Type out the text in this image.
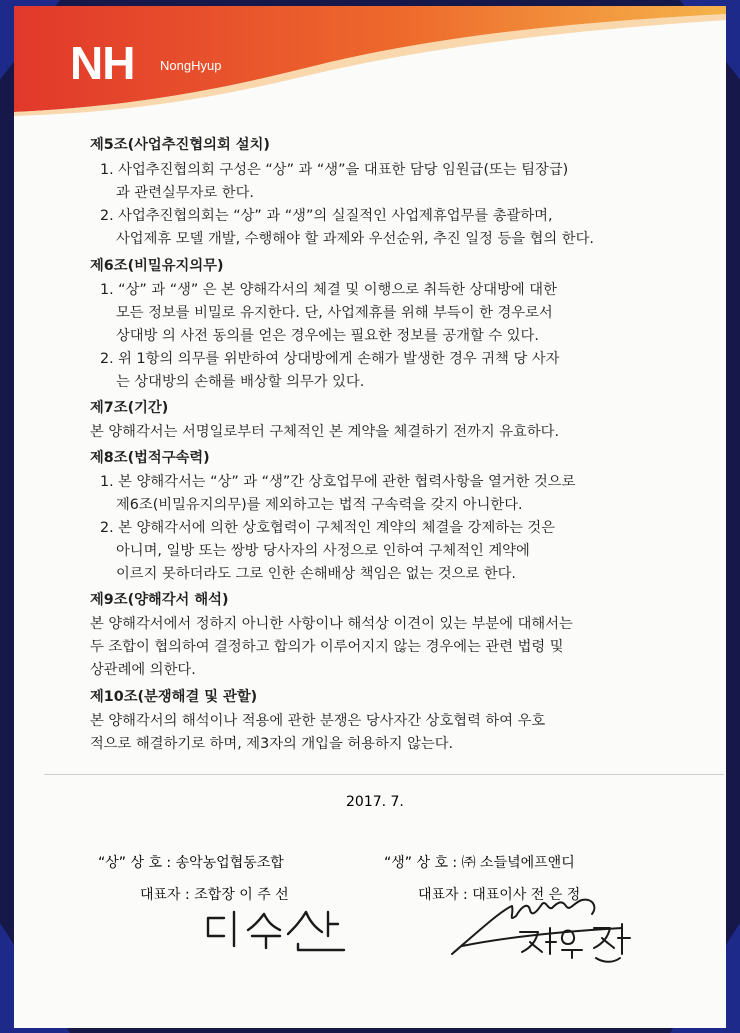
NH NongHyup
제5조(사업추진협의회 설치)
1. 사업추진협의회 구성은 “상” 과 “생”을 대표한 담당 임원급(또는 팀장급)
과 관련실무자로 한다.
2. 사업추진협의회는 “상” 과 “생”의 실질적인 사업제휴업무를 총괄하며,
사업제휴 모델 개발, 수행해야 할 과제와 우선순위, 추진 일정 등을 협의 한다.
제6조(비밀유지의무)
1. “상” 과 “생” 은 본 양해각서의 체결 및 이행으로 취득한 상대방에 대한
모든 정보를 비밀로 유지한다. 단, 사업제휴를 위해 부득이 한 경우로서
상대방 의 사전 동의를 얻은 경우에는 필요한 정보를 공개할 수 있다.
2. 위 1항의 의무를 위반하여 상대방에게 손해가 발생한 경우 귀책 당 사자
는 상대방의 손해를 배상할 의무가 있다.
제7조(기간)
본 양해각서는 서명일로부터 구체적인 본 계약을 체결하기 전까지 유효하다.
제8조(법적구속력)
1. 본 양해각서는 “상” 과 “생”간 상호업무에 관한 협력사항을 열거한 것으로
제6조(비밀유지의무)를 제외하고는 법적 구속력을 갖지 아니한다.
2. 본 양해각서에 의한 상호협력이 구체적인 계약의 체결을 강제하는 것은
아니며, 일방 또는 쌍방 당사자의 사정으로 인하여 구체적인 계약에
이르지 못하더라도 그로 인한 손해배상 책임은 없는 것으로 한다.
제9조(양해각서 해석)
본 양해각서에서 정하지 아니한 사항이나 해석상 이견이 있는 부분에 대해서는
두 조합이 협의하여 결정하고 합의가 이루어지지 않는 경우에는 관련 법령 및
상관례에 의한다.
제10조(분쟁해결 및 관할)
본 양해각서의 해석이나 적용에 관한 분쟁은 당사자간 상호협력 하여 우호
적으로 해결하기로 하며, 제3자의 개입을 허용하지 않는다.
2017. 7.
“상” 상 호 : 송악농업협동조합
대표자 : 조합장 이 주 선
“생” 상 호 : ㈜ 소들녘에프앤디
대표자 : 대표이사 전 은 정
